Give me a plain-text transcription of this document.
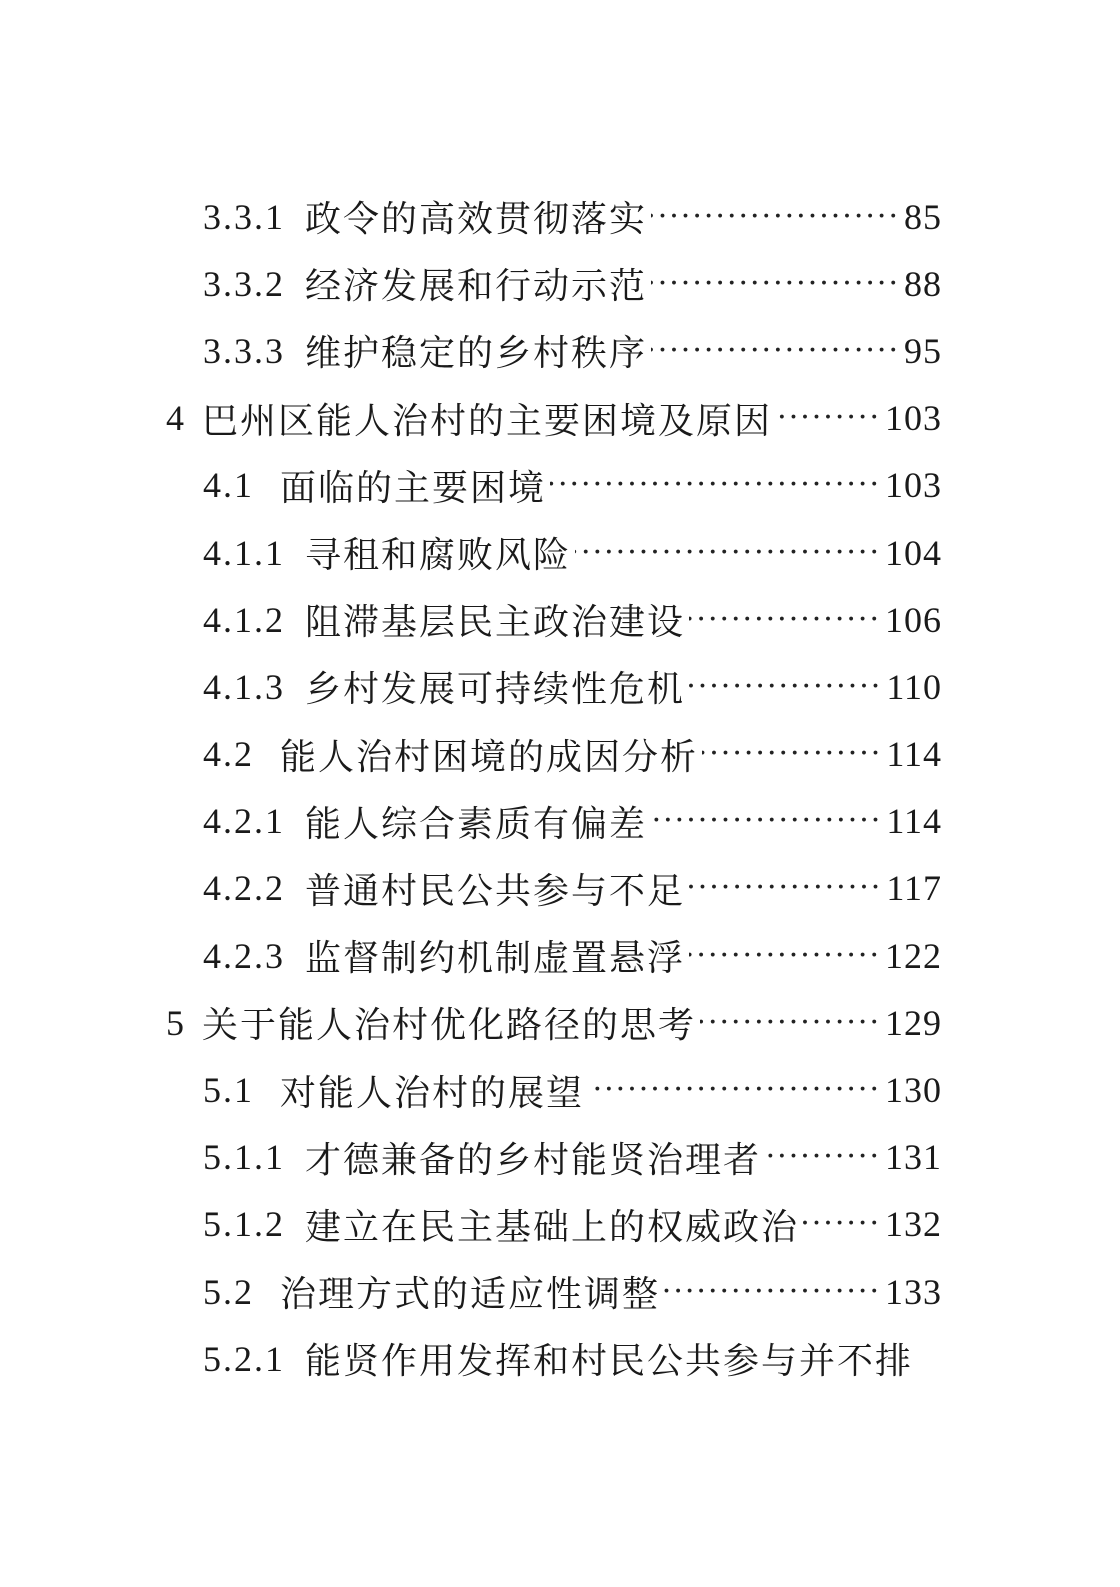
3.3.1 政令的高效贯彻落实 ·····	85
3.3.2 经济发展和行动示范 ·····	88
3.3.3 维护稳定的乡村秩序 ·····	95
4 巴州区能人治村的主要困境及原因 ·····	103
4.1 面临的主要困境 ·····	103
4.1.1 寻租和腐败风险 ·····	104
4.1.2 阻滞基层民主政治建设 ·····	106
4.1.3 乡村发展可持续性危机 ·····	110
4.2 能人治村困境的成因分析 ·····	114
4.2.1 能人综合素质有偏差 ·····	114
4.2.2 普通村民公共参与不足 ·····	117
4.2.3 监督制约机制虚置悬浮 ·····	122
5 关于能人治村优化路径的思考 ·····	129
5.1 对能人治村的展望 ·····	130
5.1.1 才德兼备的乡村能贤治理者 ·····	131
5.1.2 建立在民主基础上的权威政治 ····· 132
5.2 治理方式的适应性调整 ·····	133
5.2.1 能贤作用发挥和村民公共参与并不排
